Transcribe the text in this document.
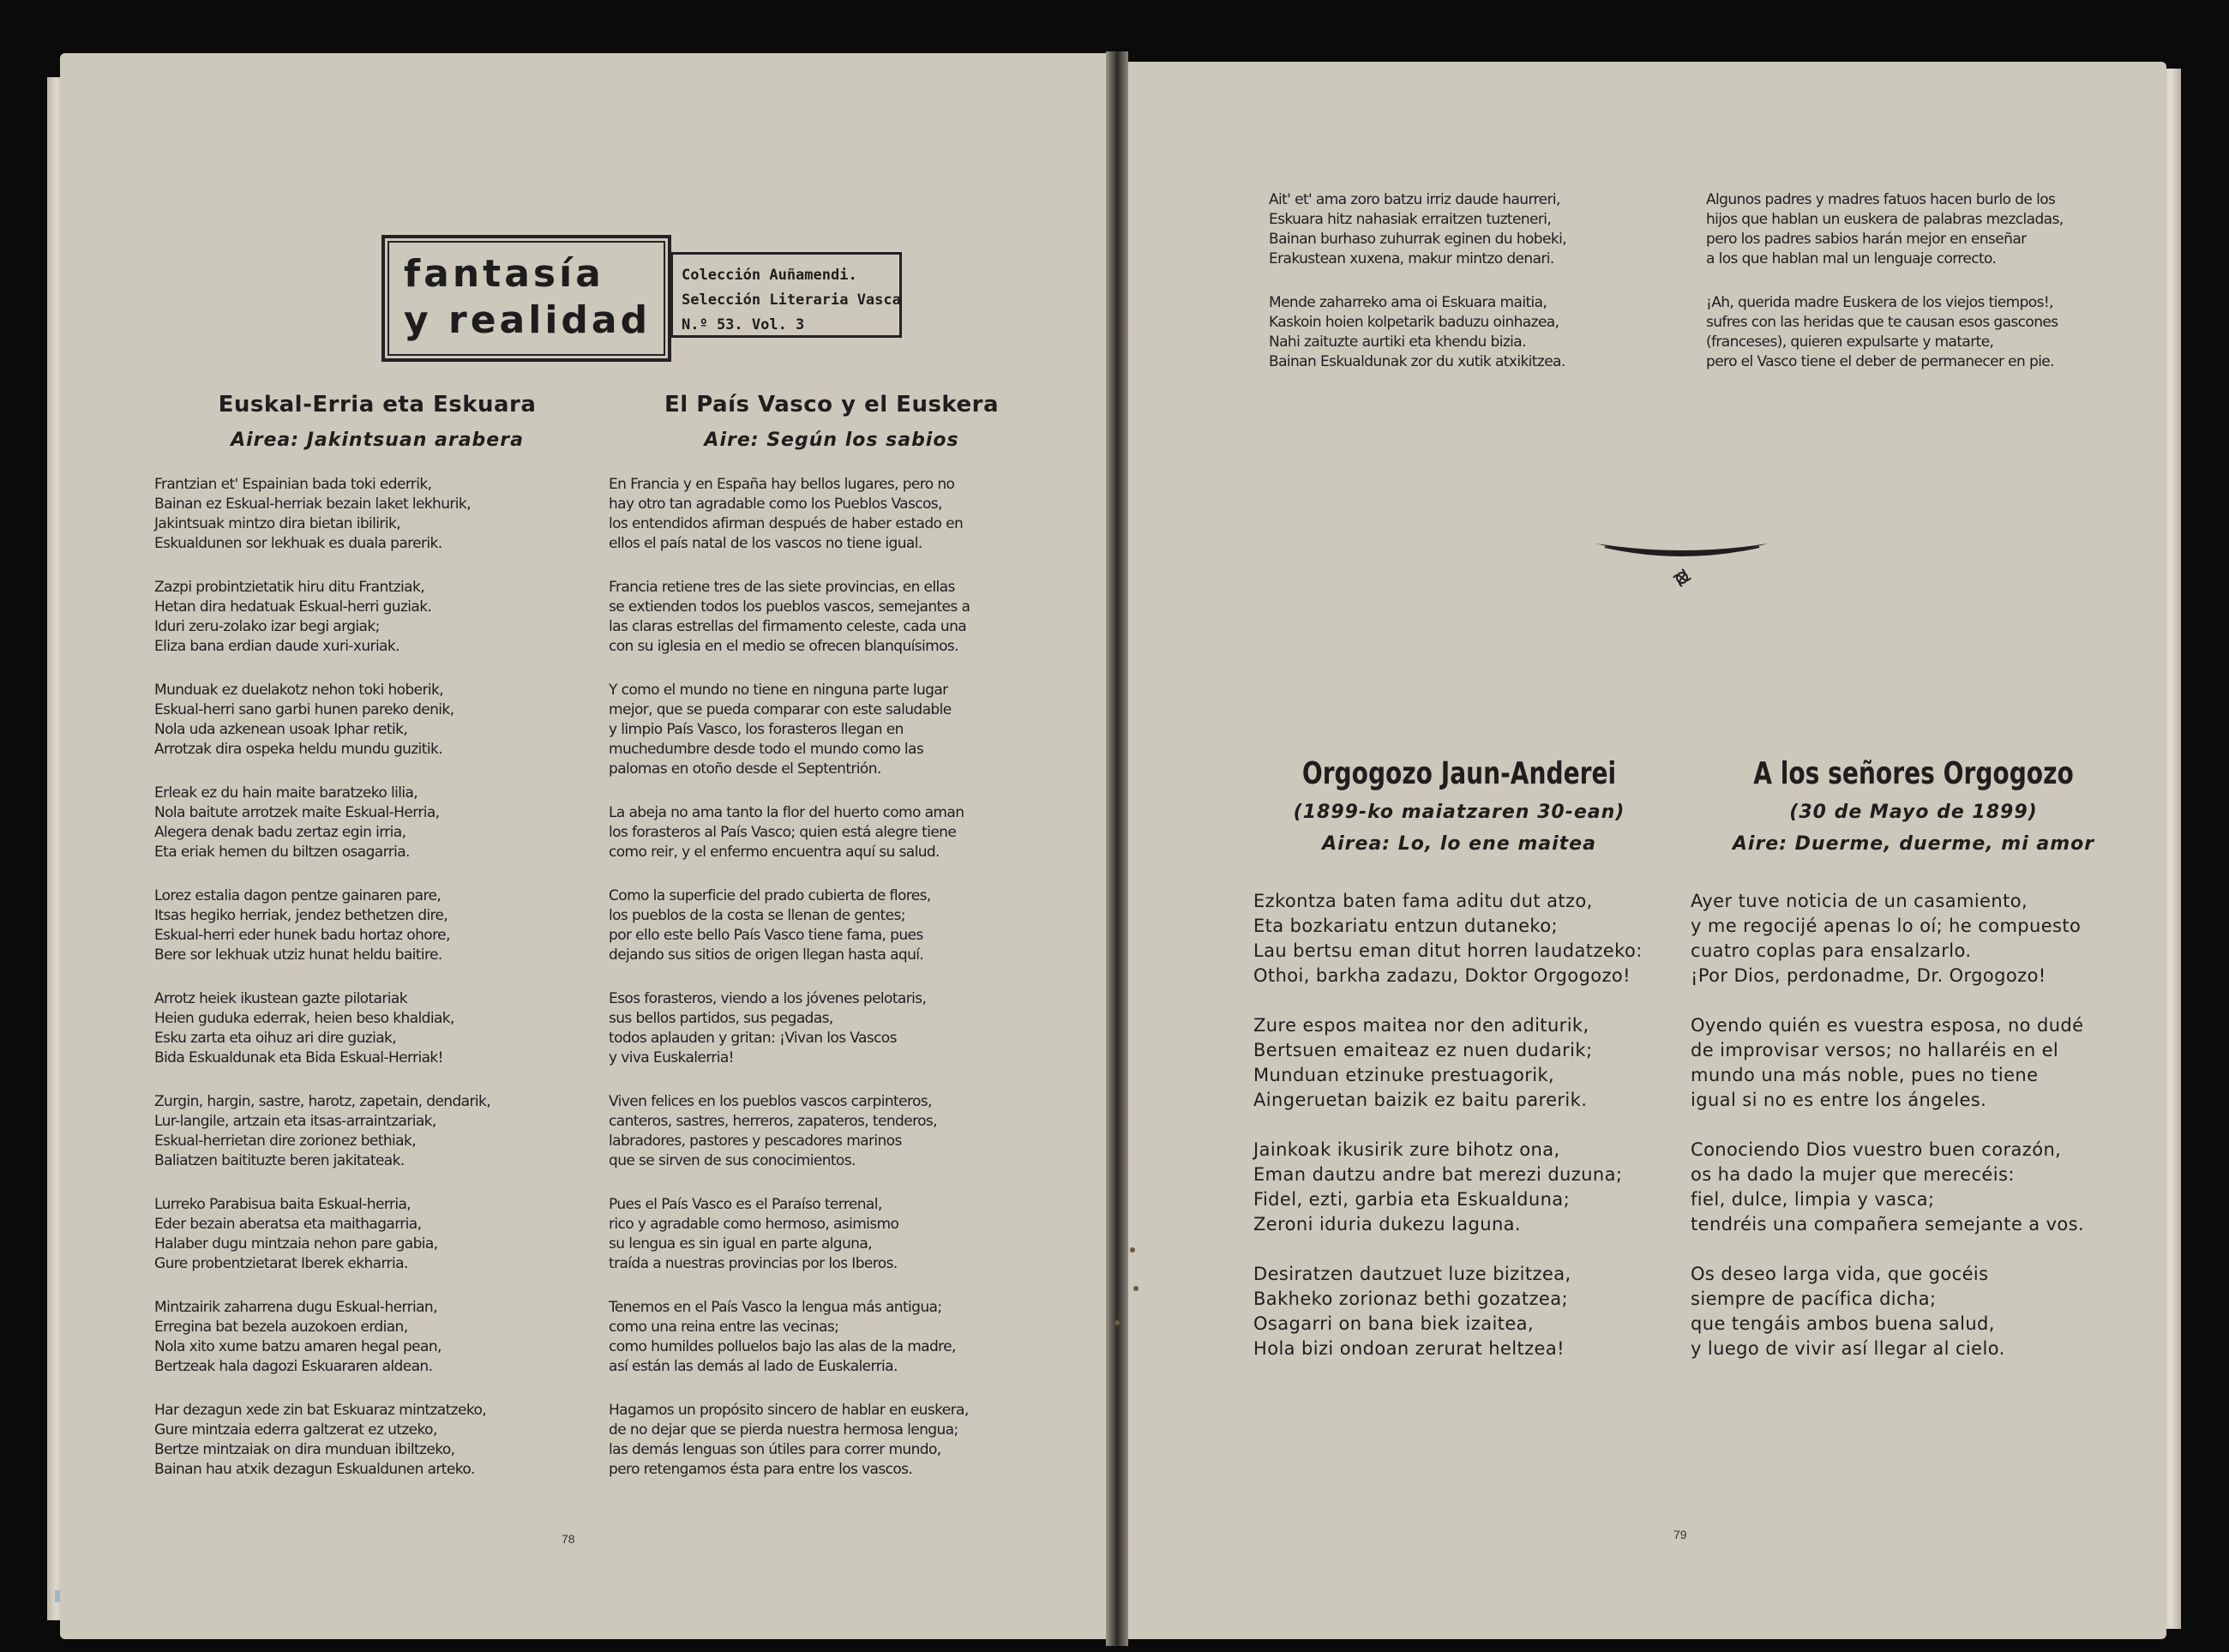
fantasía
y realidad
Colección Auñamendi.
Selección Literaria Vasca
N.º 53. Vol. 3
Euskal-Erria eta Eskuara
Airea: Jakintsuan arabera
Frantzian et' Espainian bada toki ederrik,
Bainan ez Eskual-herriak bezain laket lekhurik,
Jakintsuak mintzo dira bietan ibilirik,
Eskualdunen sor lekhuak es duala parerik.
Zazpi probintzietatik hiru ditu Frantziak,
Hetan dira hedatuak Eskual-herri guziak.
Iduri zeru-zolako izar begi argiak;
Eliza bana erdian daude xuri-xuriak.
Munduak ez duelakotz nehon toki hoberik,
Eskual-herri sano garbi hunen pareko denik,
Nola uda azkenean usoak Iphar retik,
Arrotzak dira ospeka heldu mundu guzitik.
Erleak ez du hain maite baratzeko lilia,
Nola baitute arrotzek maite Eskual-Herria,
Alegera denak badu zertaz egin irria,
Eta eriak hemen du biltzen osagarria.
Lorez estalia dagon pentze gainaren pare,
Itsas hegiko herriak, jendez bethetzen dire,
Eskual-herri eder hunek badu hortaz ohore,
Bere sor lekhuak utziz hunat heldu baitire.
Arrotz heiek ikustean gazte pilotariak
Heien guduka ederrak, heien beso khaldiak,
Esku zarta eta oihuz ari dire guziak,
Bida Eskualdunak eta Bida Eskual-Herriak!
Zurgin, hargin, sastre, harotz, zapetain, dendarik,
Lur-langile, artzain eta itsas-arraintzariak,
Eskual-herrietan dire zorionez bethiak,
Baliatzen baitituzte beren jakitateak.
Lurreko Parabisua baita Eskual-herria,
Eder bezain aberatsa eta maithagarria,
Halaber dugu mintzaia nehon pare gabia,
Gure probentzietarat Iberek ekharria.
Mintzairik zaharrena dugu Eskual-herrian,
Erregina bat bezela auzokoen erdian,
Nola xito xume batzu amaren hegal pean,
Bertzeak hala dagozi Eskuararen aldean.
Har dezagun xede zin bat Eskuaraz mintzatzeko,
Gure mintzaia ederra galtzerat ez utzeko,
Bertze mintzaiak on dira munduan ibiltzeko,
Bainan hau atxik dezagun Eskualdunen arteko.
El País Vasco y el Euskera
Aire: Según los sabios
En Francia y en España hay bellos lugares, pero no
hay otro tan agradable como los Pueblos Vascos,
los entendidos afirman después de haber estado en
ellos el país natal de los vascos no tiene igual.
Francia retiene tres de las siete provincias, en ellas
se extienden todos los pueblos vascos, semejantes a
las claras estrellas del firmamento celeste, cada una
con su iglesia en el medio se ofrecen blanquísimos.
Y como el mundo no tiene en ninguna parte lugar
mejor, que se pueda comparar con este saludable
y limpio País Vasco, los forasteros llegan en
muchedumbre desde todo el mundo como las
palomas en otoño desde el Septentrión.
La abeja no ama tanto la flor del huerto como aman
los forasteros al País Vasco; quien está alegre tiene
como reir, y el enfermo encuentra aquí su salud.
Como la superficie del prado cubierta de flores,
los pueblos de la costa se llenan de gentes;
por ello este bello País Vasco tiene fama, pues
dejando sus sitios de origen llegan hasta aquí.
Esos forasteros, viendo a los jóvenes pelotaris,
sus bellos partidos, sus pegadas,
todos aplauden y gritan: ¡Vivan los Vascos
y viva Euskalerria!
Viven felices en los pueblos vascos carpinteros,
canteros, sastres, herreros, zapateros, tenderos,
labradores, pastores y pescadores marinos
que se sirven de sus conocimientos.
Pues el País Vasco es el Paraíso terrenal,
rico y agradable como hermoso, asimismo
su lengua es sin igual en parte alguna,
traída a nuestras provincias por los Iberos.
Tenemos en el País Vasco la lengua más antigua;
como una reina entre las vecinas;
como humildes polluelos bajo las alas de la madre,
así están las demás al lado de Euskalerria.
Hagamos un propósito sincero de hablar en euskera,
de no dejar que se pierda nuestra hermosa lengua;
las demás lenguas son útiles para correr mundo,
pero retengamos ésta para entre los vascos.
78
Ait' et' ama zoro batzu irriz daude haurreri,
Eskuara hitz nahasiak erraitzen tuzteneri,
Bainan burhaso zuhurrak eginen du hobeki,
Erakustean xuxena, makur mintzo denari.
Mende zaharreko ama oi Eskuara maitia,
Kaskoin hoien kolpetarik baduzu oinhazea,
Nahi zaituzte aurtiki eta khendu bizia.
Bainan Eskualdunak zor du xutik atxikitzea.
Algunos padres y madres fatuos hacen burlo de los
hijos que hablan un euskera de palabras mezcladas,
pero los padres sabios harán mejor en enseñar
a los que hablan mal un lenguaje correcto.
¡Ah, querida madre Euskera de los viejos tiempos!,
sufres con las heridas que te causan esos gascones
(franceses), quieren expulsarte y matarte,
pero el Vasco tiene el deber de permanecer en pie.
Orgogozo Jaun-Anderei
(1899-ko maiatzaren 30-ean)
Airea: Lo, lo ene maitea
Ezkontza baten fama aditu dut atzo,
Eta bozkariatu entzun dutaneko;
Lau bertsu eman ditut horren laudatzeko:
Othoi, barkha zadazu, Doktor Orgogozo!
Zure espos maitea nor den aditurik,
Bertsuen emaiteaz ez nuen dudarik;
Munduan etzinuke prestuagorik,
Aingeruetan baizik ez baitu parerik.
Jainkoak ikusirik zure bihotz ona,
Eman dautzu andre bat merezi duzuna;
Fidel, ezti, garbia eta Eskualduna;
Zeroni iduria dukezu laguna.
Desiratzen dautzuet luze bizitzea,
Bakheko zorionaz bethi gozatzea;
Osagarri on bana biek izaitea,
Hola bizi ondoan zerurat heltzea!
A los señores Orgogozo
(30 de Mayo de 1899)
Aire: Duerme, duerme, mi amor
Ayer tuve noticia de un casamiento,
y me regocijé apenas lo oí; he compuesto
cuatro coplas para ensalzarlo.
¡Por Dios, perdonadme, Dr. Orgogozo!
Oyendo quién es vuestra esposa, no dudé
de improvisar versos; no hallaréis en el
mundo una más noble, pues no tiene
igual si no es entre los ángeles.
Conociendo Dios vuestro buen corazón,
os ha dado la mujer que merecéis:
fiel, dulce, limpia y vasca;
tendréis una compañera semejante a vos.
Os deseo larga vida, que gocéis
siempre de pacífica dicha;
que tengáis ambos buena salud,
y luego de vivir así llegar al cielo.
79
